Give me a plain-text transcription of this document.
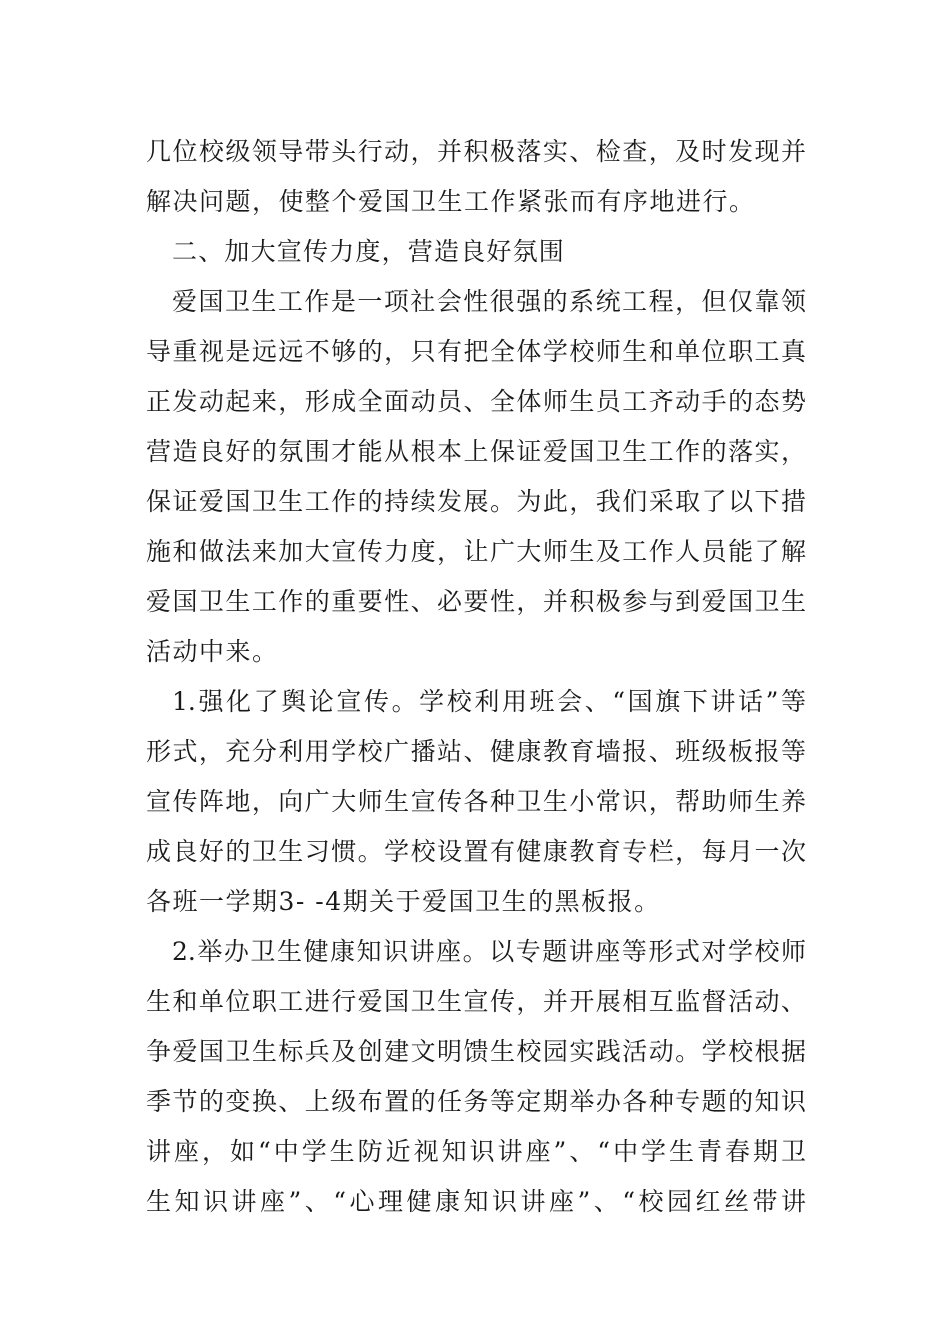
几位校级领导带头行动，并积极落实、检查，及时发现并
解决问题，使整个爱国卫生工作紧张而有序地进行。
二、加大宣传力度，营造良好氛围
爱国卫生工作是一项社会性很强的系统工程，但仅靠领
导重视是远远不够的，只有把全体学校师生和单位职工真
正发动起来，形成全面动员、全体师生员工齐动手的态势
营造良好的氛围才能从根本上保证爱国卫生工作的落实，
保证爱国卫生工作的持续发展。为此，我们采取了以下措
施和做法来加大宣传力度，让广大师生及工作人员能了解
爱国卫生工作的重要性、必要性，并积极参与到爱国卫生
活动中来。
1.强化了舆论宣传。学校利用班会、“国旗下讲话”等
形式，充分利用学校广播站、健康教育墙报、班级板报等
宣传阵地，向广大师生宣传各种卫生小常识，帮助师生养
成良好的卫生习惯。学校设置有健康教育专栏，每月一次
各班一学期3- -4期关于爱国卫生的黑板报。
2.举办卫生健康知识讲座。以专题讲座等形式对学校师
生和单位职工进行爱国卫生宣传，并开展相互监督活动、
争爱国卫生标兵及创建文明馈生校园实践活动。学校根据
季节的变换、上级布置的任务等定期举办各种专题的知识
讲座，如“中学生防近视知识讲座”、“中学生青春期卫
生知识讲座”、“心理健康知识讲座”、“校园红丝带讲
